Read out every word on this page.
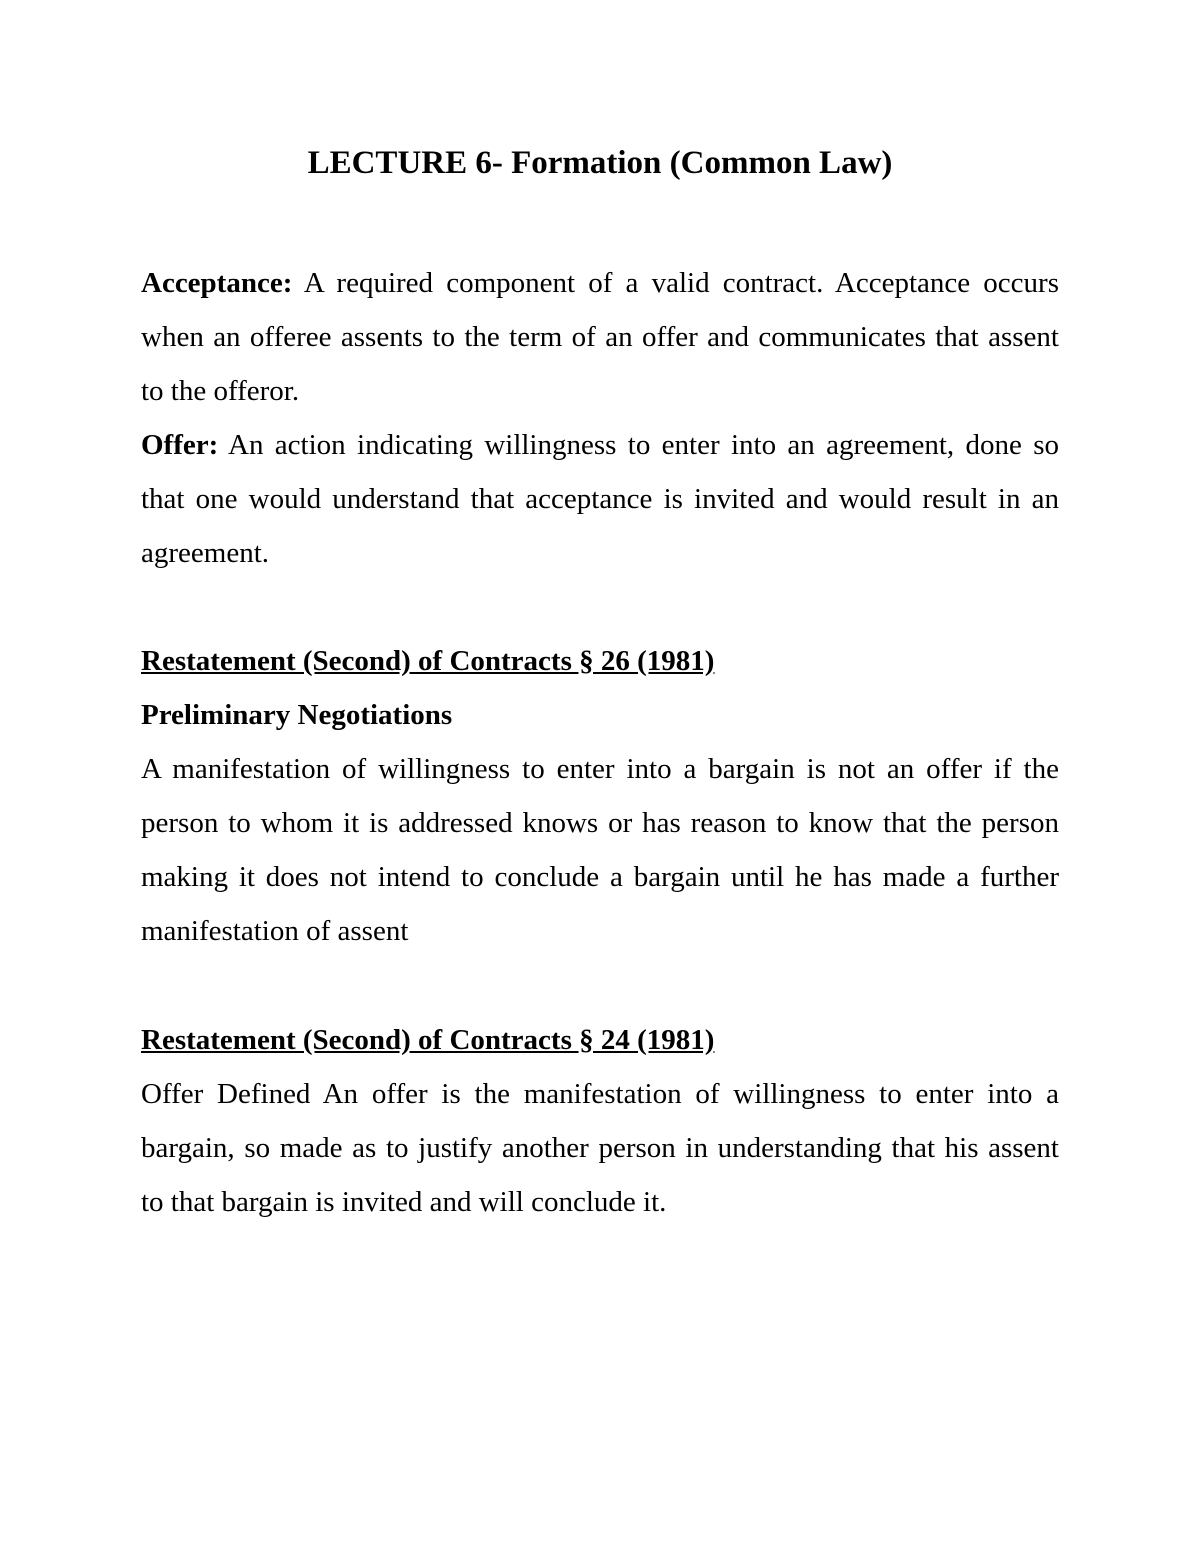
LECTURE 6- Formation (Common Law)

Acceptance: A required component of a valid contract. Acceptance occurs when an offeree assents to the term of an offer and communicates that assent to the offeror.

Offer: An action indicating willingness to enter into an agreement, done so that one would understand that acceptance is invited and would result in an agreement.

Restatement (Second) of Contracts § 26 (1981)

Preliminary Negotiations

A manifestation of willingness to enter into a bargain is not an offer if the person to whom it is addressed knows or has reason to know that the person making it does not intend to conclude a bargain until he has made a further manifestation of assent

Restatement (Second) of Contracts § 24 (1981)

Offer Defined An offer is the manifestation of willingness to enter into a bargain, so made as to justify another person in understanding that his assent to that bargain is invited and will conclude it.
